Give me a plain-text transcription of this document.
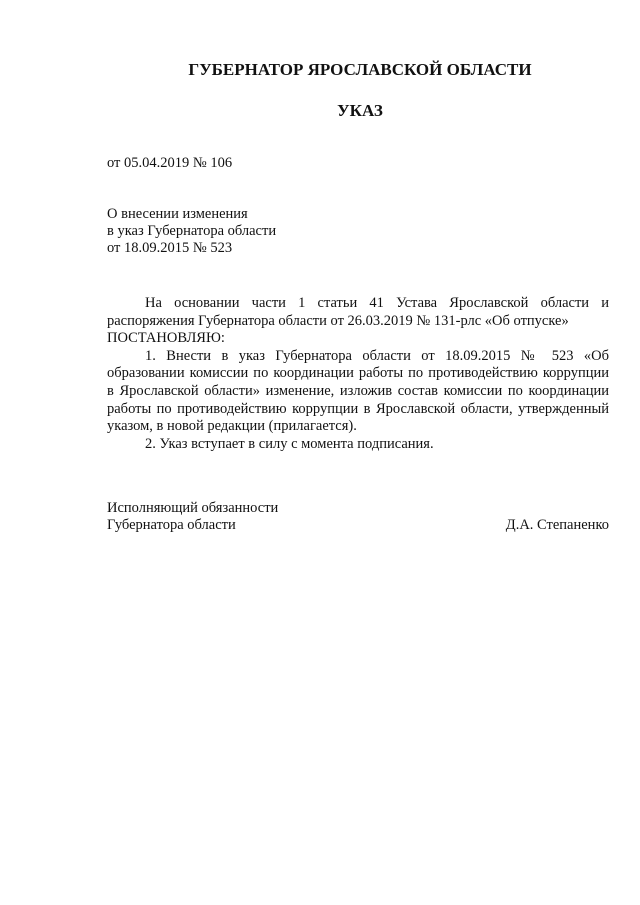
ГУБЕРНАТОР ЯРОСЛАВСКОЙ ОБЛАСТИ
УКАЗ
от 05.04.2019 № 106
О внесении изменения
в указ Губернатора области
от 18.09.2015 № 523

На основании части 1 статьи 41 Устава Ярославской области и распоряжения Губернатора области от 26.03.2019 № 131-рлс «Об отпуске»

ПОСТАНОВЛЯЮ:

1. Внести в указ Губернатора области от 18.09.2015 № 523 «Об образовании комиссии по координации работы по противодействию коррупции в Ярославской области» изменение, изложив состав комиссии по координации работы по противодействию коррупции в Ярославской области, утвержденный указом, в новой редакции (прилагается).

2. Указ вступает в силу с момента подписания.

Исполняющий обязанности
Губернатора области	Д.А. Степаненко
